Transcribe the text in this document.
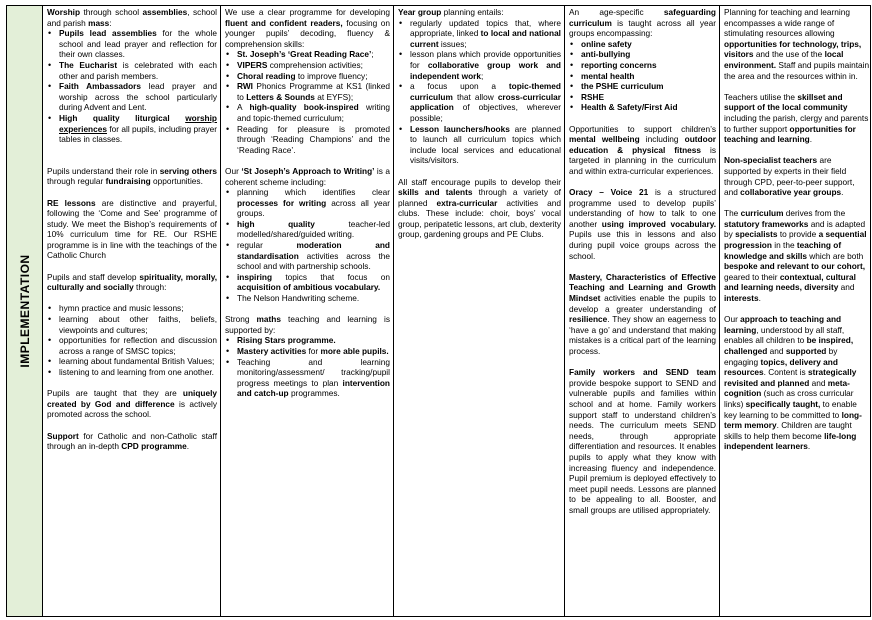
IMPLEMENTATION

Worship through school assemblies, school and parish mass:

• Pupils lead assemblies for the whole school and lead prayer and reflection for their own classes.
• The Eucharist is celebrated with each other and parish members.
• Faith Ambassadors lead prayer and worship across the school particularly during Advent and Lent.
• High quality liturgical worship experiences for all pupils, including prayer tables in classes.

Pupils understand their role in serving others through regular fundraising opportunities.

RE lessons are distinctive and prayerful, following the ‘Come and See’ programme of study. We meet the Bishop’s requirements of 10% curriculum time for RE. Our RSHE programme is in line with the teachings of the Catholic Church

Pupils and staff develop spirituality, morally, culturally and socially through:

• hymn practice and music lessons;
• learning about other faiths, beliefs, viewpoints and cultures;
• opportunities for reflection and discussion across a range of SMSC topics;
• learning about fundamental British Values;
• listening to and learning from one another.

Pupils are taught that they are uniquely created by God and difference is actively promoted across the school.

Support for Catholic and non-Catholic staff through an in-depth CPD programme.

We use a clear programme for developing fluent and confident readers, focusing on younger pupils’ decoding, fluency & comprehension skills:

• St. Joseph’s ‘Great Reading Race’;
• VIPERS comprehension activities;
• Choral reading to improve fluency;
• RWI Phonics Programme at KS1 (linked to Letters & Sounds at EYFS);
• A high-quality book-inspired writing and topic-themed curriculum;
• Reading for pleasure is promoted through ‘Reading Champions’ and the ‘Reading Race’.

Our ‘St Joseph’s Approach to Writing’ is a coherent scheme including:

• planning which identifies clear processes for writing across all year groups.
• high quality teacher-led modelled/shared/guided writing.
• regular moderation and standardisation activities across the school and with partnership schools.
• inspiring topics that focus on acquisition of ambitious vocabulary.
• The Nelson Handwriting scheme.

Strong maths teaching and learning is supported by:

• Rising Stars programme.
• Mastery activities for more able pupils.
• Teaching and learning monitoring/assessment/ tracking/pupil progress meetings to plan intervention and catch-up programmes.

Year group planning entails:

• regularly updated topics that, where appropriate, linked to local and national current issues;
• lesson plans which provide opportunities for collaborative group work and independent work;
• a focus upon a topic-themed curriculum that allow cross-curricular application of objectives, wherever possible;
• Lesson launchers/hooks are planned to launch all curriculum topics which include local services and educational visits/visitors.

All staff encourage pupils to develop their skills and talents through a variety of planned extra-curricular activities and clubs. These include: choir, boys’ vocal group, peripatetic lessons, art club, dexterity group, gardening groups and PE Clubs.

An age-specific safeguarding curriculum is taught across all year groups encompassing:

• online safety
• anti-bullying
• reporting concerns
• mental health
• the PSHE curriculum
• RSHE
• Health & Safety/First Aid

Opportunities to support children’s mental wellbeing including outdoor education & physical fitness is targeted in planning in the curriculum and within extra-curricular experiences.

Oracy – Voice 21 is a structured programme used to develop pupils’ understanding of how to talk to one another using improved vocabulary. Pupils use this in lessons and also during pupil voice groups across the school.

Mastery, Characteristics of Effective Teaching and Learning and Growth Mindset activities enable the pupils to develop a greater understanding of resilience. They show an eagerness to ‘have a go’ and understand that making mistakes is a critical part of the learning process.

Family workers and SEND team provide bespoke support to SEND and vulnerable pupils and families within school and at home. Family workers support staff to understand children’s needs. The curriculum meets SEND needs, through appropriate differentiation and resources. It enables pupils to apply what they know with increasing fluency and independence. Pupil premium is deployed effectively to meet pupil needs. Lessons are planned to be appealing to all. Booster, and small groups are utilised appropriately.

Planning for teaching and learning encompasses a wide range of stimulating resources allowing opportunities for technology, trips, visitors and the use of the local environment. Staff and pupils maintain the area and the resources within in.

Teachers utilise the skillset and support of the local community including the parish, clergy and parents to further support opportunities for teaching and learning.

Non-specialist teachers are supported by experts in their field through CPD, peer-to-peer support, and collaborative year groups.

The curriculum derives from the statutory frameworks and is adapted by specialists to provide a sequential progression in the teaching of knowledge and skills which are both bespoke and relevant to our cohort, geared to their contextual, cultural and learning needs, diversity and interests.

Our approach to teaching and learning, understood by all staff, enables all children to be inspired, challenged and supported by engaging topics, delivery and resources. Content is strategically revisited and planned and meta-cognition (such as cross curricular links) specifically taught, to enable key learning to be committed to long-term memory. Children are taught skills to help them become life-long independent learners.
